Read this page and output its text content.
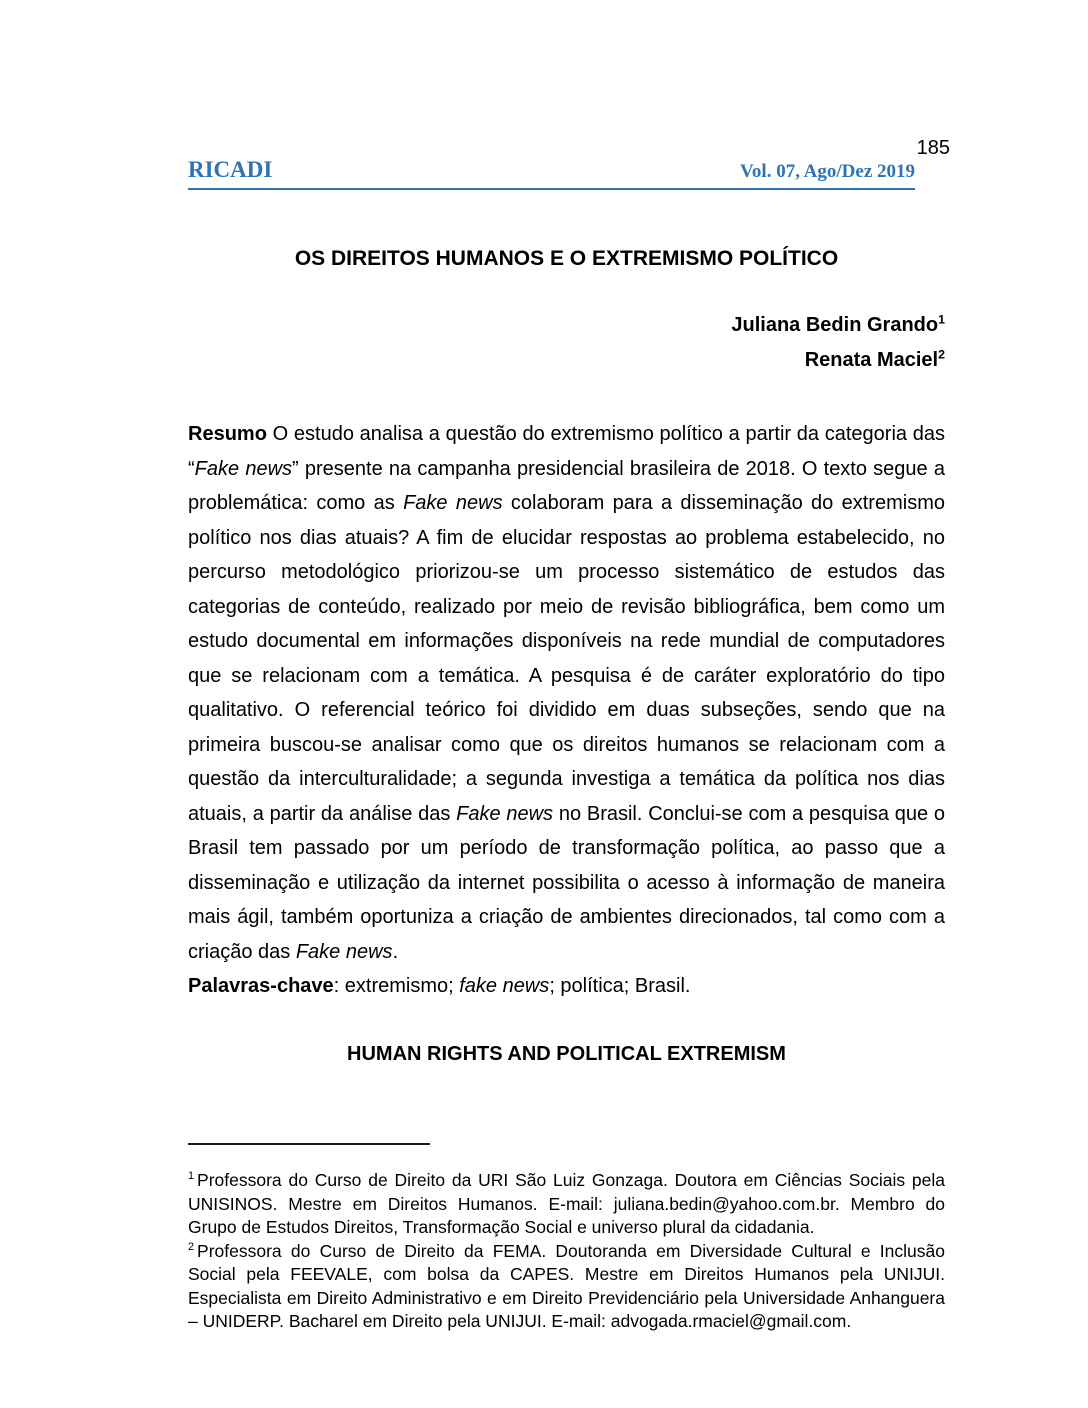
185
RICADI	Vol. 07, Ago/Dez 2019
OS DIREITOS HUMANOS E O EXTREMISMO POLÍTICO
Juliana Bedin Grando$^1$
Renata Maciel$^2$

Resumo O estudo analisa a questão do extremismo político a partir da categoria das “Fake news” presente na campanha presidencial brasileira de 2018. O texto segue a problemática: como as Fake news colaboram para a disseminação do extremismo político nos dias atuais? A fim de elucidar respostas ao problema estabelecido, no percurso metodológico priorizou-se um processo sistemático de estudos das categorias de conteúdo, realizado por meio de revisão bibliográfica, bem como um estudo documental em informações disponíveis na rede mundial de computadores que se relacionam com a temática. A pesquisa é de caráter exploratório do tipo qualitativo. O referencial teórico foi dividido em duas subseções, sendo que na primeira buscou-se analisar como que os direitos humanos se relacionam com a questão da interculturalidade; a segunda investiga a temática da política nos dias atuais, a partir da análise das Fake news no Brasil. Conclui-se com a pesquisa que o Brasil tem passado por um período de transformação política, ao passo que a disseminação e utilização da internet possibilita o acesso à informação de maneira mais ágil, também oportuniza a criação de ambientes direcionados, tal como com a criação das Fake news.

Palavras-chave: extremismo; fake news; política; Brasil.

HUMAN RIGHTS AND POLITICAL EXTREMISM

$^1$ Professora do Curso de Direito da URI São Luiz Gonzaga. Doutora em Ciências Sociais pela UNISINOS. Mestre em Direitos Humanos. E-mail: juliana.bedin@yahoo.com.br. Membro do Grupo de Estudos Direitos, Transformação Social e universo plural da cidadania.

$^2$ Professora do Curso de Direito da FEMA. Doutoranda em Diversidade Cultural e Inclusão Social pela FEEVALE, com bolsa da CAPES. Mestre em Direitos Humanos pela UNIJUI. Especialista em Direito Administrativo e em Direito Previdenciário pela Universidade Anhanguera – UNIDERP. Bacharel em Direito pela UNIJUI. E-mail: advogada.rmaciel@gmail.com.
